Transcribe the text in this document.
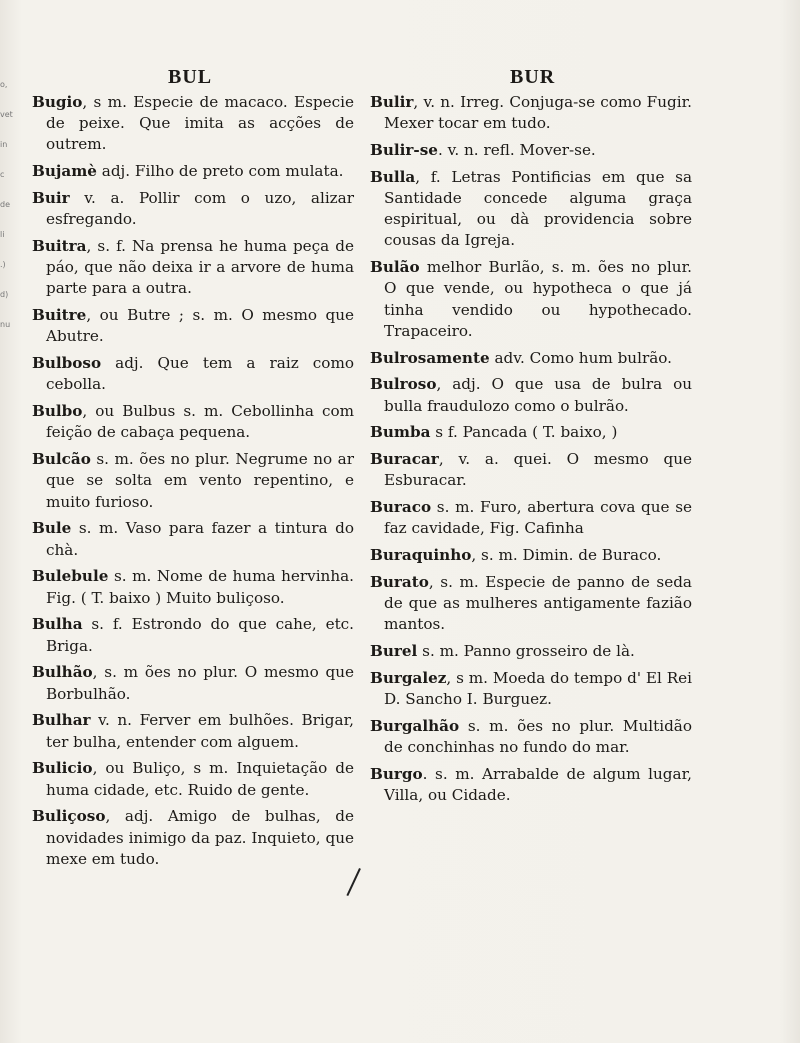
o,
vet
in
c
de
li
.)
d)
nu
BUL	BUR

Bugio, s m. Especie de macaco. Especie de peixe. Que imita as acções de outrem.

Bujamè adj. Filho de preto com mulata.

Buir v. a. Pollir com o uzo, alizar esfregando.

Buitra, s. f. Na prensa he huma peça de páo, que não deixa ir a arvore de huma parte para a outra.

Buitre, ou Butre ; s. m. O mesmo que Abutre.

Bulboso adj. Que tem a raiz como cebolla.

Bulbo, ou Bulbus s. m. Cebollinha com feição de cabaça pequena.

Bulcão s. m. ões no plur. Negrume no ar que se solta em vento repentino, e muito furioso.

Bule s. m. Vaso para fazer a tintura do chà.

Bulebule s. m. Nome de huma hervinha. Fig. ( T. baixo ) Muito buliçoso.

Bulha s. f. Estrondo do que cahe, etc. Briga.

Bulhão, s. m ões no plur. O mesmo que Borbulhão.

Bulhar v. n. Ferver em bulhões. Brigar, ter bulha, entender com alguem.

Bulicio, ou Buliço, s m. Inquietação de huma cidade, etc. Ruido de gente.

Buliçoso, adj. Amigo de bulhas, de novidades inimigo da paz. Inquieto, que mexe em tudo.

Bulir, v. n. Irreg. Conjuga-se como Fugir. Mexer tocar em tudo.

Bulir-se. v. n. refl. Mover-se.

Bulla, f. Letras Pontificias em que sa Santidade concede alguma graça espiritual, ou dà providencia sobre cousas da Igreja.

Bulão melhor Burlão, s. m. ões no plur. O que vende, ou hypotheca o que já tinha vendido ou hypothecado. Trapaceiro.

Bulrosamente adv. Como hum bulrão.

Bulroso, adj. O que usa de bulra ou bulla fraudulozo como o bulrão.

Bumba s f. Pancada ( T. baixo, )

Buracar, v. a. quei. O mesmo que Esburacar.

Buraco s. m. Furo, abertura cova que se faz cavidade, Fig. Cafinha

Buraquinho, s. m. Dimin. de Buraco.

Burato, s. m. Especie de panno de seda de que as mulheres antigamente fazião mantos.

Burel s. m. Panno grosseiro de là.

Burgalez, s m. Moeda do tempo d' El Rei D. Sancho I. Burguez.

Burgalhão s. m. ões no plur. Multidão de conchinhas no fundo do mar.

Burgo. s. m. Arrabalde de algum lugar, Villa, ou Cidade.
